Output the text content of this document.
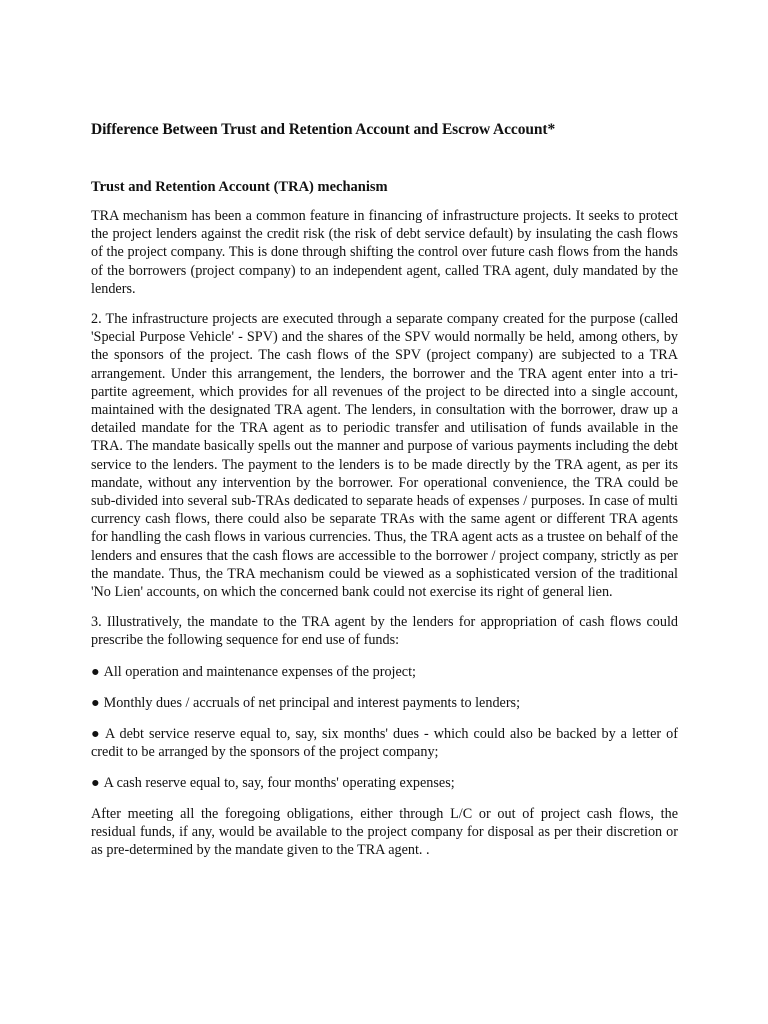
Difference Between Trust and Retention Account and Escrow Account*
Trust and Retention Account (TRA) mechanism

TRA mechanism has been a common feature in financing of infrastructure projects. It seeks to protect the project lenders against the credit risk (the risk of debt service default) by insulating the cash flows of the project company. This is done through shifting the control over future cash flows from the hands of the borrowers (project company) to an independent agent, called TRA agent, duly mandated by the lenders.

2. The infrastructure projects are executed through a separate company created for the purpose (called 'Special Purpose Vehicle' - SPV) and the shares of the SPV would normally be held, among others, by the sponsors of the project. The cash flows of the SPV (project company) are subjected to a TRA arrangement. Under this arrangement, the lenders, the borrower and the TRA agent enter into a tri-partite agreement, which provides for all revenues of the project to be directed into a single account, maintained with the designated TRA agent. The lenders, in consultation with the borrower, draw up a detailed mandate for the TRA agent as to periodic transfer and utilisation of funds available in the TRA. The mandate basically spells out the manner and purpose of various payments including the debt service to the lenders. The payment to the lenders is to be made directly by the TRA agent, as per its mandate, without any intervention by the borrower. For operational convenience, the TRA could be sub-divided into several sub-TRAs dedicated to separate heads of expenses / purposes. In case of multi currency cash flows, there could also be separate TRAs with the same agent or different TRA agents for handling the cash flows in various currencies. Thus, the TRA agent acts as a trustee on behalf of the lenders and ensures that the cash flows are accessible to the borrower / project company, strictly as per the mandate. Thus, the TRA mechanism could be viewed as a sophisticated version of the traditional 'No Lien' accounts, on which the concerned bank could not exercise its right of general lien.

3. Illustratively, the mandate to the TRA agent by the lenders for appropriation of cash flows could prescribe the following sequence for end use of funds:

● All operation and maintenance expenses of the project;

● Monthly dues / accruals of net principal and interest payments to lenders;

● A debt service reserve equal to, say, six months' dues - which could also be backed by a letter of credit to be arranged by the sponsors of the project company;

● A cash reserve equal to, say, four months' operating expenses;

After meeting all the foregoing obligations, either through L/C or out of project cash flows, the residual funds, if any, would be available to the project company for disposal as per their discretion or as pre-determined by the mandate given to the TRA agent. .
